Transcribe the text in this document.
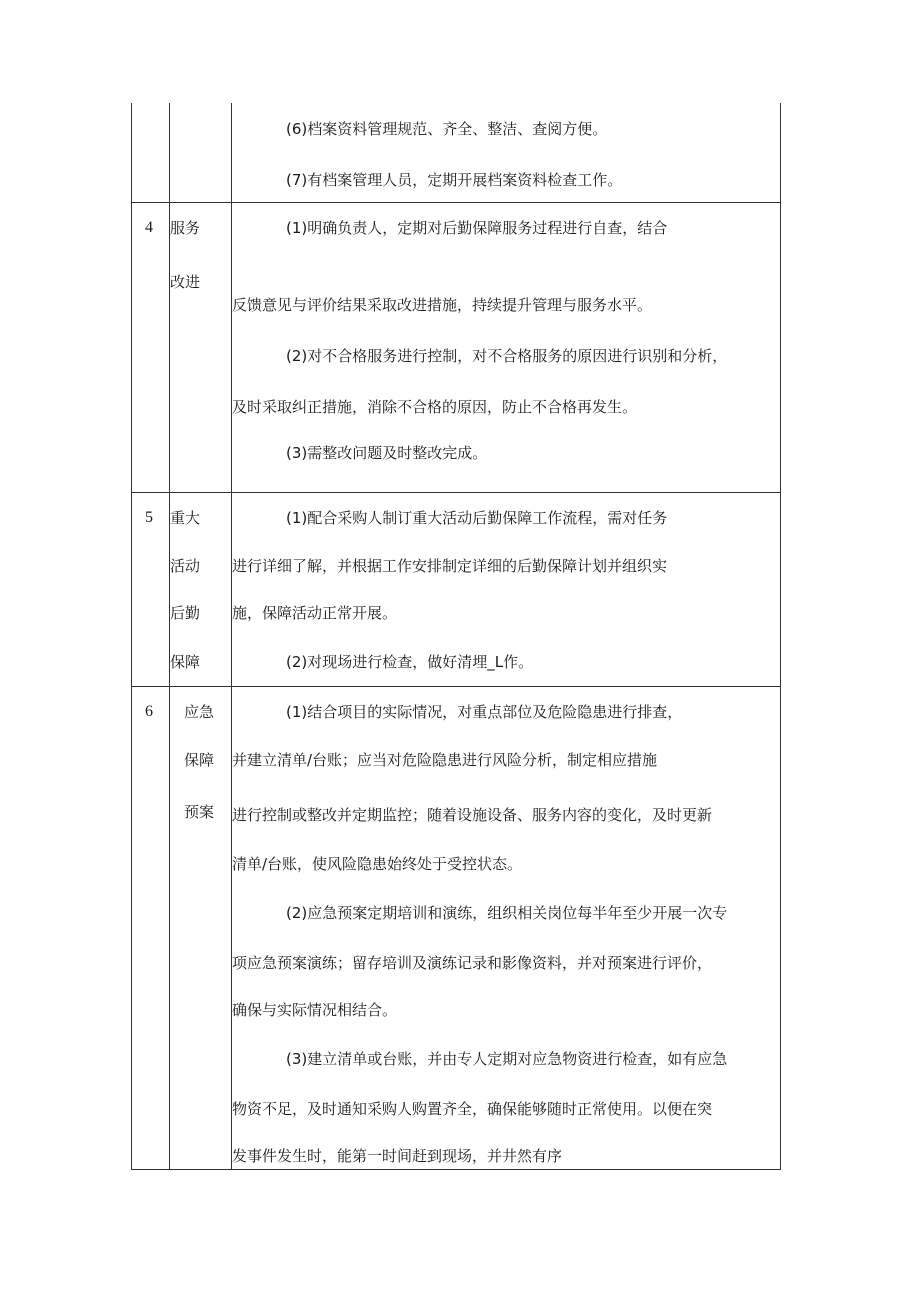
(6)档案资料管理规范、齐全、整洁、查阅方便。
(7)有档案管理人员，定期开展档案资料检查工作。
4 服务
改进
(1)明确负责人，定期对后勤保障服务过程进行自查，结合
反馈意见与评价结果采取改进措施，持续提升管理与服务水平。
(2)对不合格服务进行控制，对不合格服务的原因进行识别和分析，
及时采取纠正措施，消除不合格的原因，防止不合格再发生。
(3)需整改问题及时整改完成。
5 重大
活动
后勤
保障
(1)配合采购人制订重大活动后勤保障工作流程，需对任务
进行详细了解，并根据工作安排制定详细的后勤保障计划并组织实
施，保障活动正常开展。
(2)对现场进行检查，做好清埋_L作。
6 应急
保障
预案
(1)结合项目的实际情况，对重点部位及危险隐患进行排查，
并建立清单/台账；应当对危险隐患进行风险分析，制定相应措施
进行控制或整改并定期监控；随着设施设备、服务内容的变化，及时更新
清单/台账，使风险隐患始终处于受控状态。
(2)应急预案定期培训和演练，组织相关岗位每半年至少开展一次专
项应急预案演练；留存培训及演练记录和影像资料，并对预案进行评价，
确保与实际情况相结合。
(3)建立清单或台账，并由专人定期对应急物资进行检查，如有应急
物资不足，及时通知采购人购置齐全，确保能够随时正常使用。以便在突
发事件发生时，能第一时间赶到现场，并井然有序
